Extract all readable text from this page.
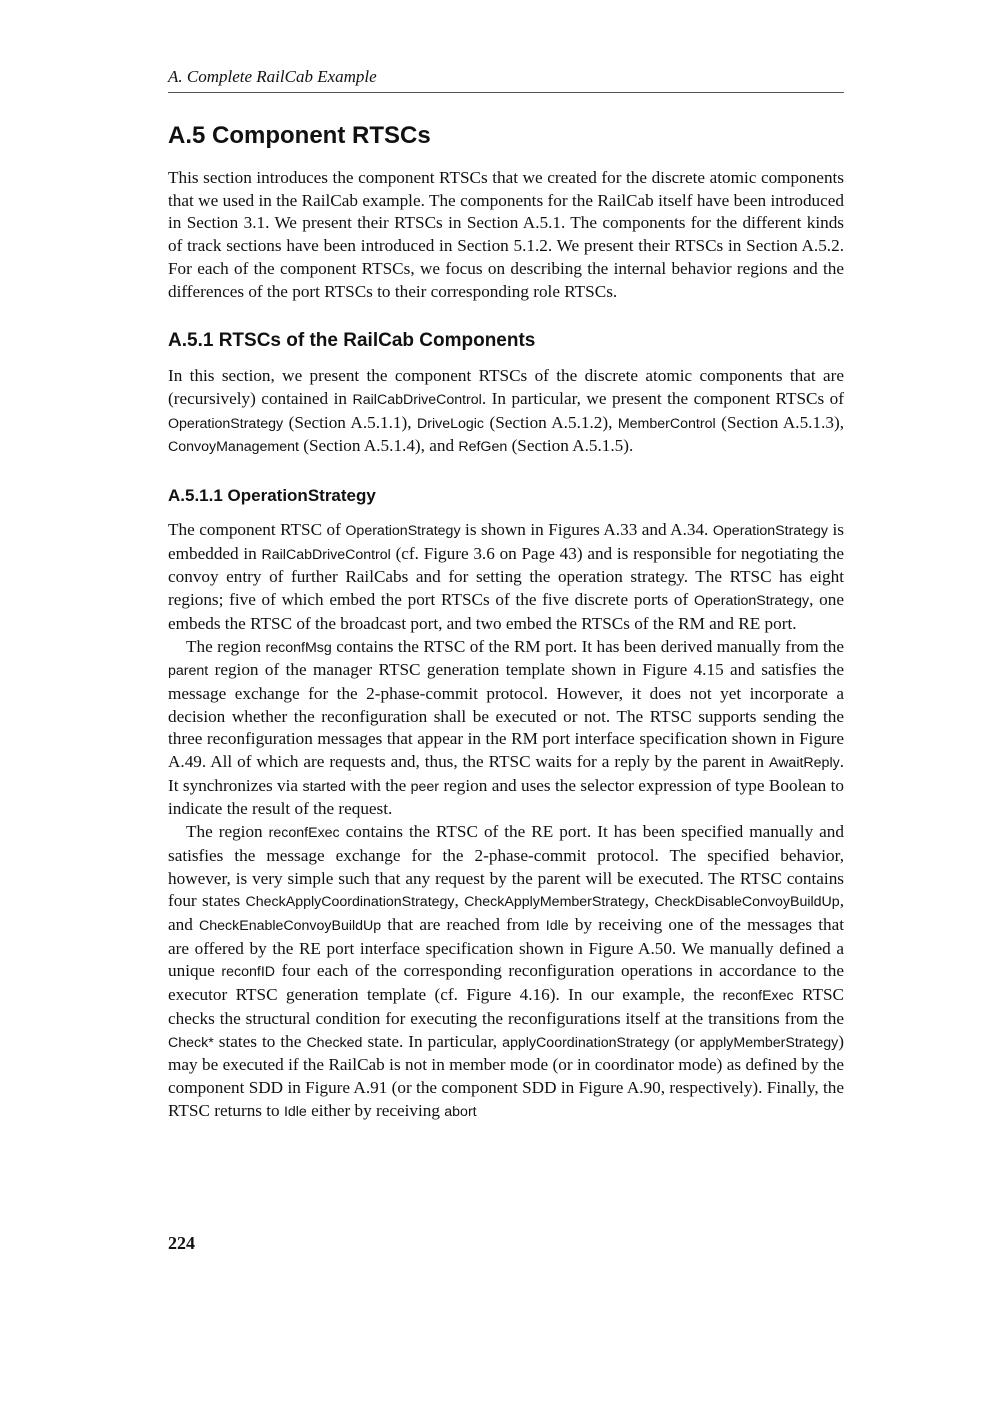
A. Complete RailCab Example
A.5 Component RTSCs

This section introduces the component RTSCs that we created for the discrete atomic components that we used in the RailCab example. The components for the RailCab itself have been introduced in Section 3.1. We present their RTSCs in Section A.5.1. The components for the different kinds of track sections have been introduced in Section 5.1.2. We present their RTSCs in Section A.5.2. For each of the component RTSCs, we focus on describing the internal behavior regions and the differences of the port RTSCs to their corresponding role RTSCs.

A.5.1 RTSCs of the RailCab Components

In this section, we present the component RTSCs of the discrete atomic components that are (recursively) contained in RailCabDriveControl. In particular, we present the component RTSCs of OperationStrategy (Section A.5.1.1), DriveLogic (Section A.5.1.2), MemberControl (Section A.5.1.3), ConvoyManagement (Section A.5.1.4), and RefGen (Section A.5.1.5).

A.5.1.1 OperationStrategy

The component RTSC of OperationStrategy is shown in Figures A.33 and A.34. OperationStrategy is embedded in RailCabDriveControl (cf. Figure 3.6 on Page 43) and is responsible for negotiating the convoy entry of further RailCabs and for setting the operation strategy. The RTSC has eight regions; five of which embed the port RTSCs of the five discrete ports of OperationStrategy, one embeds the RTSC of the broadcast port, and two embed the RTSCs of the RM and RE port.

The region reconfMsg contains the RTSC of the RM port. It has been derived manually from the parent region of the manager RTSC generation template shown in Figure 4.15 and satisfies the message exchange for the 2-phase-commit protocol. However, it does not yet incorporate a decision whether the reconfiguration shall be executed or not. The RTSC supports sending the three reconfiguration messages that appear in the RM port interface specification shown in Figure A.49. All of which are requests and, thus, the RTSC waits for a reply by the parent in AwaitReply. It synchronizes via started with the peer region and uses the selector expression of type Boolean to indicate the result of the request.

The region reconfExec contains the RTSC of the RE port. It has been specified manually and satisfies the message exchange for the 2-phase-commit protocol. The specified behavior, however, is very simple such that any request by the parent will be executed. The RTSC contains four states CheckApplyCoordinationStrategy, CheckApplyMemberStrategy, CheckDisableConvoyBuildUp, and CheckEnableConvoyBuildUp that are reached from Idle by receiving one of the messages that are offered by the RE port interface specification shown in Figure A.50. We manually defined a unique reconfID four each of the corresponding reconfiguration operations in accordance to the executor RTSC generation template (cf. Figure 4.16). In our example, the reconfExec RTSC checks the structural condition for executing the reconfigurations itself at the transitions from the Check* states to the Checked state. In particular, applyCoordinationStrategy (or applyMemberStrategy) may be executed if the RailCab is not in member mode (or in coordinator mode) as defined by the component SDD in Figure A.91 (or the component SDD in Figure A.90, respectively). Finally, the RTSC returns to Idle either by receiving abort

224
